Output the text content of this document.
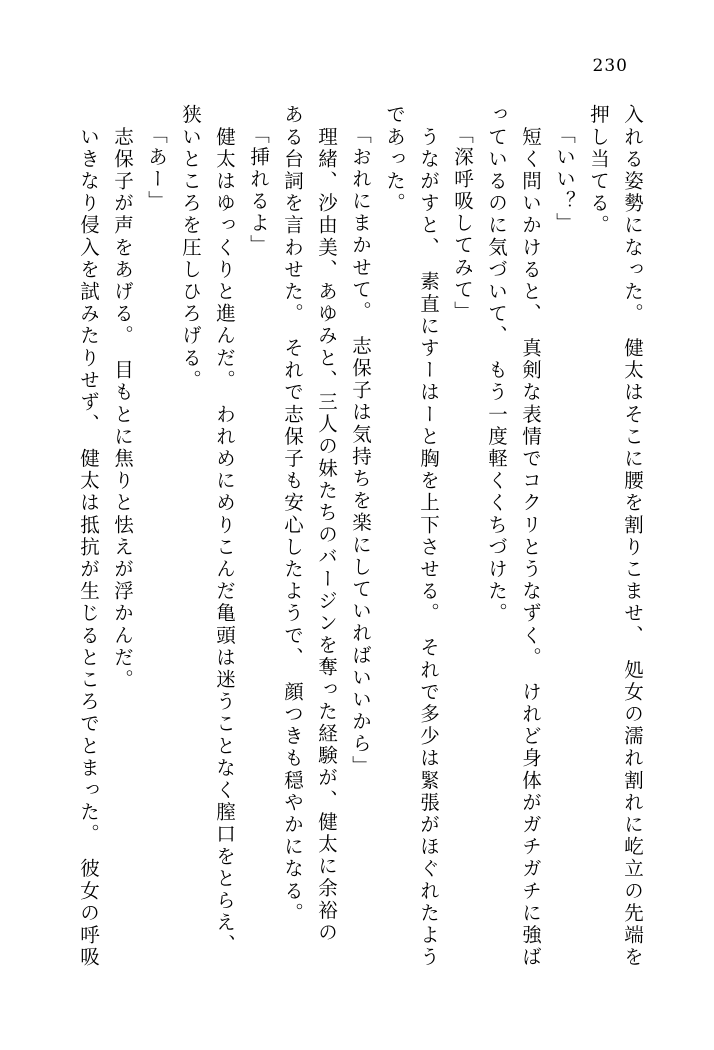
230
入れる姿勢になった。　健太はそこに腰を割りこませ、　処女の濡れ割れに屹立の先端を
押し当てる。
「いい？」
　短く問いかけると、　真剣な表情でコクリとうなずく。　けれど身体がガチガチに強ば
っているのに気づいて、　もう一度軽くくちづけた。
「深呼吸してみて」
　うながすと、　素直にすーはーと胸を上下させる。　それで多少は緊張がほぐれたよう
であった。
「おれにまかせて。　志保子は気持ちを楽にしていればいいから」
　理緒、沙由美、あゆみと、三人の妹たちのバージンを奪った経験が、健太に余裕の
ある台詞を言わせた。　それで志保子も安心したようで、　顔つきも穏やかになる。
「挿れるよ」
　健太はゆっくりと進んだ。　われめにめりこんだ亀頭は迷うことなく膣口をとらえ、
狭いところを圧しひろげる。
「あー」
　志保子が声をあげる。　目もとに焦りと怯えが浮かんだ。
　いきなり侵入を試みたりせず、　健太は抵抗が生じるところでとまった。　彼女の呼吸
